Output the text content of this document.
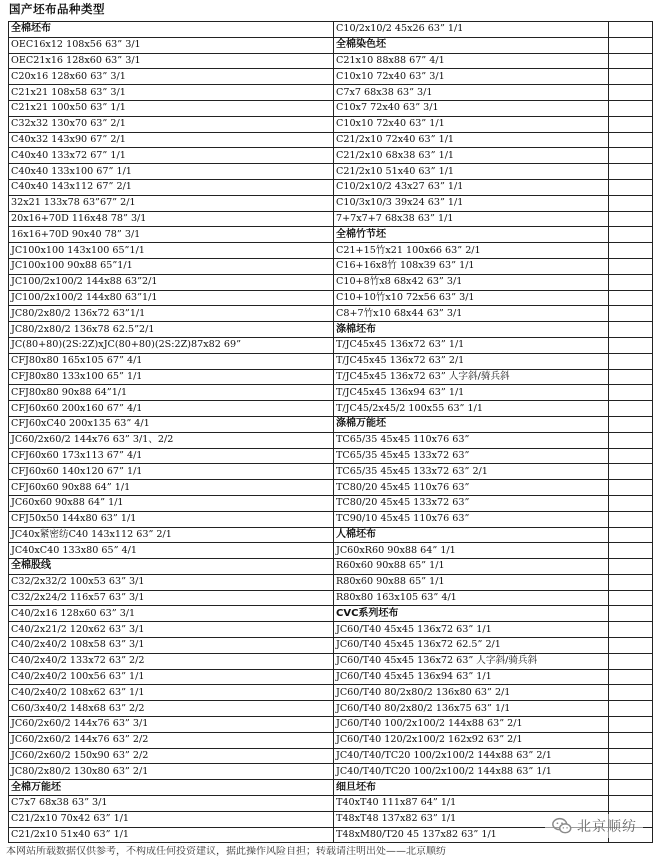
国产坯布品种类型
全棉坯布	C10/2x10/2 45x26 63” 1/1	
OEC16x12 108x56 63” 3/1	全棉染色坯	
OEC21x16 128x60 63” 3/1	C21x10 88x88 67” 4/1	
C20x16 128x60 63” 3/1	C10x10 72x40 63” 3/1	
C21x21 108x58 63” 3/1	C7x7 68x38 63” 3/1	
C21x21 100x50 63” 1/1	C10x7 72x40 63” 3/1	
C32x32 130x70 63” 2/1	C10x10 72x40 63” 1/1	
C40x32 143x90 67” 2/1	C21/2x10 72x40 63” 1/1	
C40x40 133x72 67” 1/1	C21/2x10 68x38 63” 1/1	
C40x40 133x100 67” 1/1	C21/2x10 51x40 63” 1/1	
C40x40 143x112 67” 2/1	C10/2x10/2 43x27 63” 1/1	
32x21 133x78 63”67” 2/1	C10/3x10/3 39x24 63” 1/1	
20x16+70D 116x48 78” 3/1	7+7x7+7 68x38 63” 1/1	
16x16+70D 90x40 78” 3/1	全棉竹节坯	
JC100x100 143x100 65”1/1	C21+15竹x21 100x66 63” 2/1	
JC100x100 90x88 65”1/1	C16+16x8竹 108x39 63” 1/1	
JC100/2x100/2 144x88 63”2/1	C10+8竹x8 68x42 63” 3/1	
JC100/2x100/2 144x80 63”1/1	C10+10竹x10 72x56 63” 3/1	
JC80/2x80/2 136x72 63”1/1	C8+7竹x10 68x44 63” 3/1	
JC80/2x80/2 136x78 62.5”2/1	涤棉坯布	
JC(80+80)(2S:2Z)xJC(80+80)(2S:2Z)87x82 69”	T/JC45x45 136x72 63” 1/1	
CFJ80x80 165x105 67” 4/1	T/JC45x45 136x72 63” 2/1	
CFJ80x80 133x100 65” 1/1	T/JC45x45 136x72 63” 人字斜/骑兵斜	
CFJ80x80 90x88 64”1/1	T/JC45x45 136x94 63” 1/1	
CFJ60x60 200x160 67” 4/1	T/JC45/2x45/2 100x55 63” 1/1	
CFJ60xC40 200x135 63” 4/1	涤棉万能坯	
JC60/2x60/2 144x76 63” 3/1、2/2	TC65/35 45x45 110x76 63”	
CFJ60x60 173x113 67” 4/1	TC65/35 45x45 133x72 63”	
CFJ60x60 140x120 67” 1/1	TC65/35 45x45 133x72 63” 2/1	
CFJ60x60 90x88 64” 1/1	TC80/20 45x45 110x76 63”	
JC60x60 90x88 64” 1/1	TC80/20 45x45 133x72 63”	
CFJ50x50 144x80 63” 1/1	TC90/10 45x45 110x76 63”	
JC40x紧密纺C40 143x112 63” 2/1	人棉坯布	
JC40xC40 133x80 65” 4/1	JC60xR60 90x88 64” 1/1	
全棉股线	R60x60 90x88 65” 1/1	
C32/2x32/2 100x53 63” 3/1	R80x60 90x88 65” 1/1	
C32/2x24/2 116x57 63” 3/1	R80x80 163x105 63” 4/1	
C40/2x16 128x60 63” 3/1	CVC系列坯布	
C40/2x21/2 120x62 63” 3/1	JC60/T40 45x45 136x72 63” 1/1	
C40/2x40/2 108x58 63” 3/1	JC60/T40 45x45 136x72 62.5” 2/1	
C40/2x40/2 133x72 63” 2/2	JC60/T40 45x45 136x72 63” 人字斜/骑兵斜	
C40/2x40/2 100x56 63” 1/1	JC60/T40 45x45 136x94 63” 1/1	
C40/2x40/2 108x62 63” 1/1	JC60/T40 80/2x80/2 136x80 63” 2/1	
C60/3x40/2 148x68 63” 2/2	JC60/T40 80/2x80/2 136x75 63” 1/1	
JC60/2x60/2 144x76 63” 3/1	JC60/T40 100/2x100/2 144x88 63” 2/1	
JC60/2x60/2 144x76 63” 2/2	JC60/T40 120/2x100/2 162x92 63” 2/1	
JC60/2x60/2 150x90 63” 2/2	JC40/T40/TC20 100/2x100/2 144x88 63” 2/1	
JC80/2x80/2 130x80 63” 2/1	JC40/T40/TC20 100/2x100/2 144x88 63” 1/1	
全棉万能坯	细旦坯布	
C7x7 68x38 63” 3/1	T40xT40 111x87 64” 1/1	
C21/2x10 70x42 63” 1/1	T48xT48 137x82 63” 1/1	
C21/2x10 51x40 63” 1/1	T48xM80/T20 45 137x82 63” 1/1	
本网站所载数据仅供参考，不构成任何投资建议，据此操作风险自担；转载请注明出处——北京顺纺
北京顺纺
